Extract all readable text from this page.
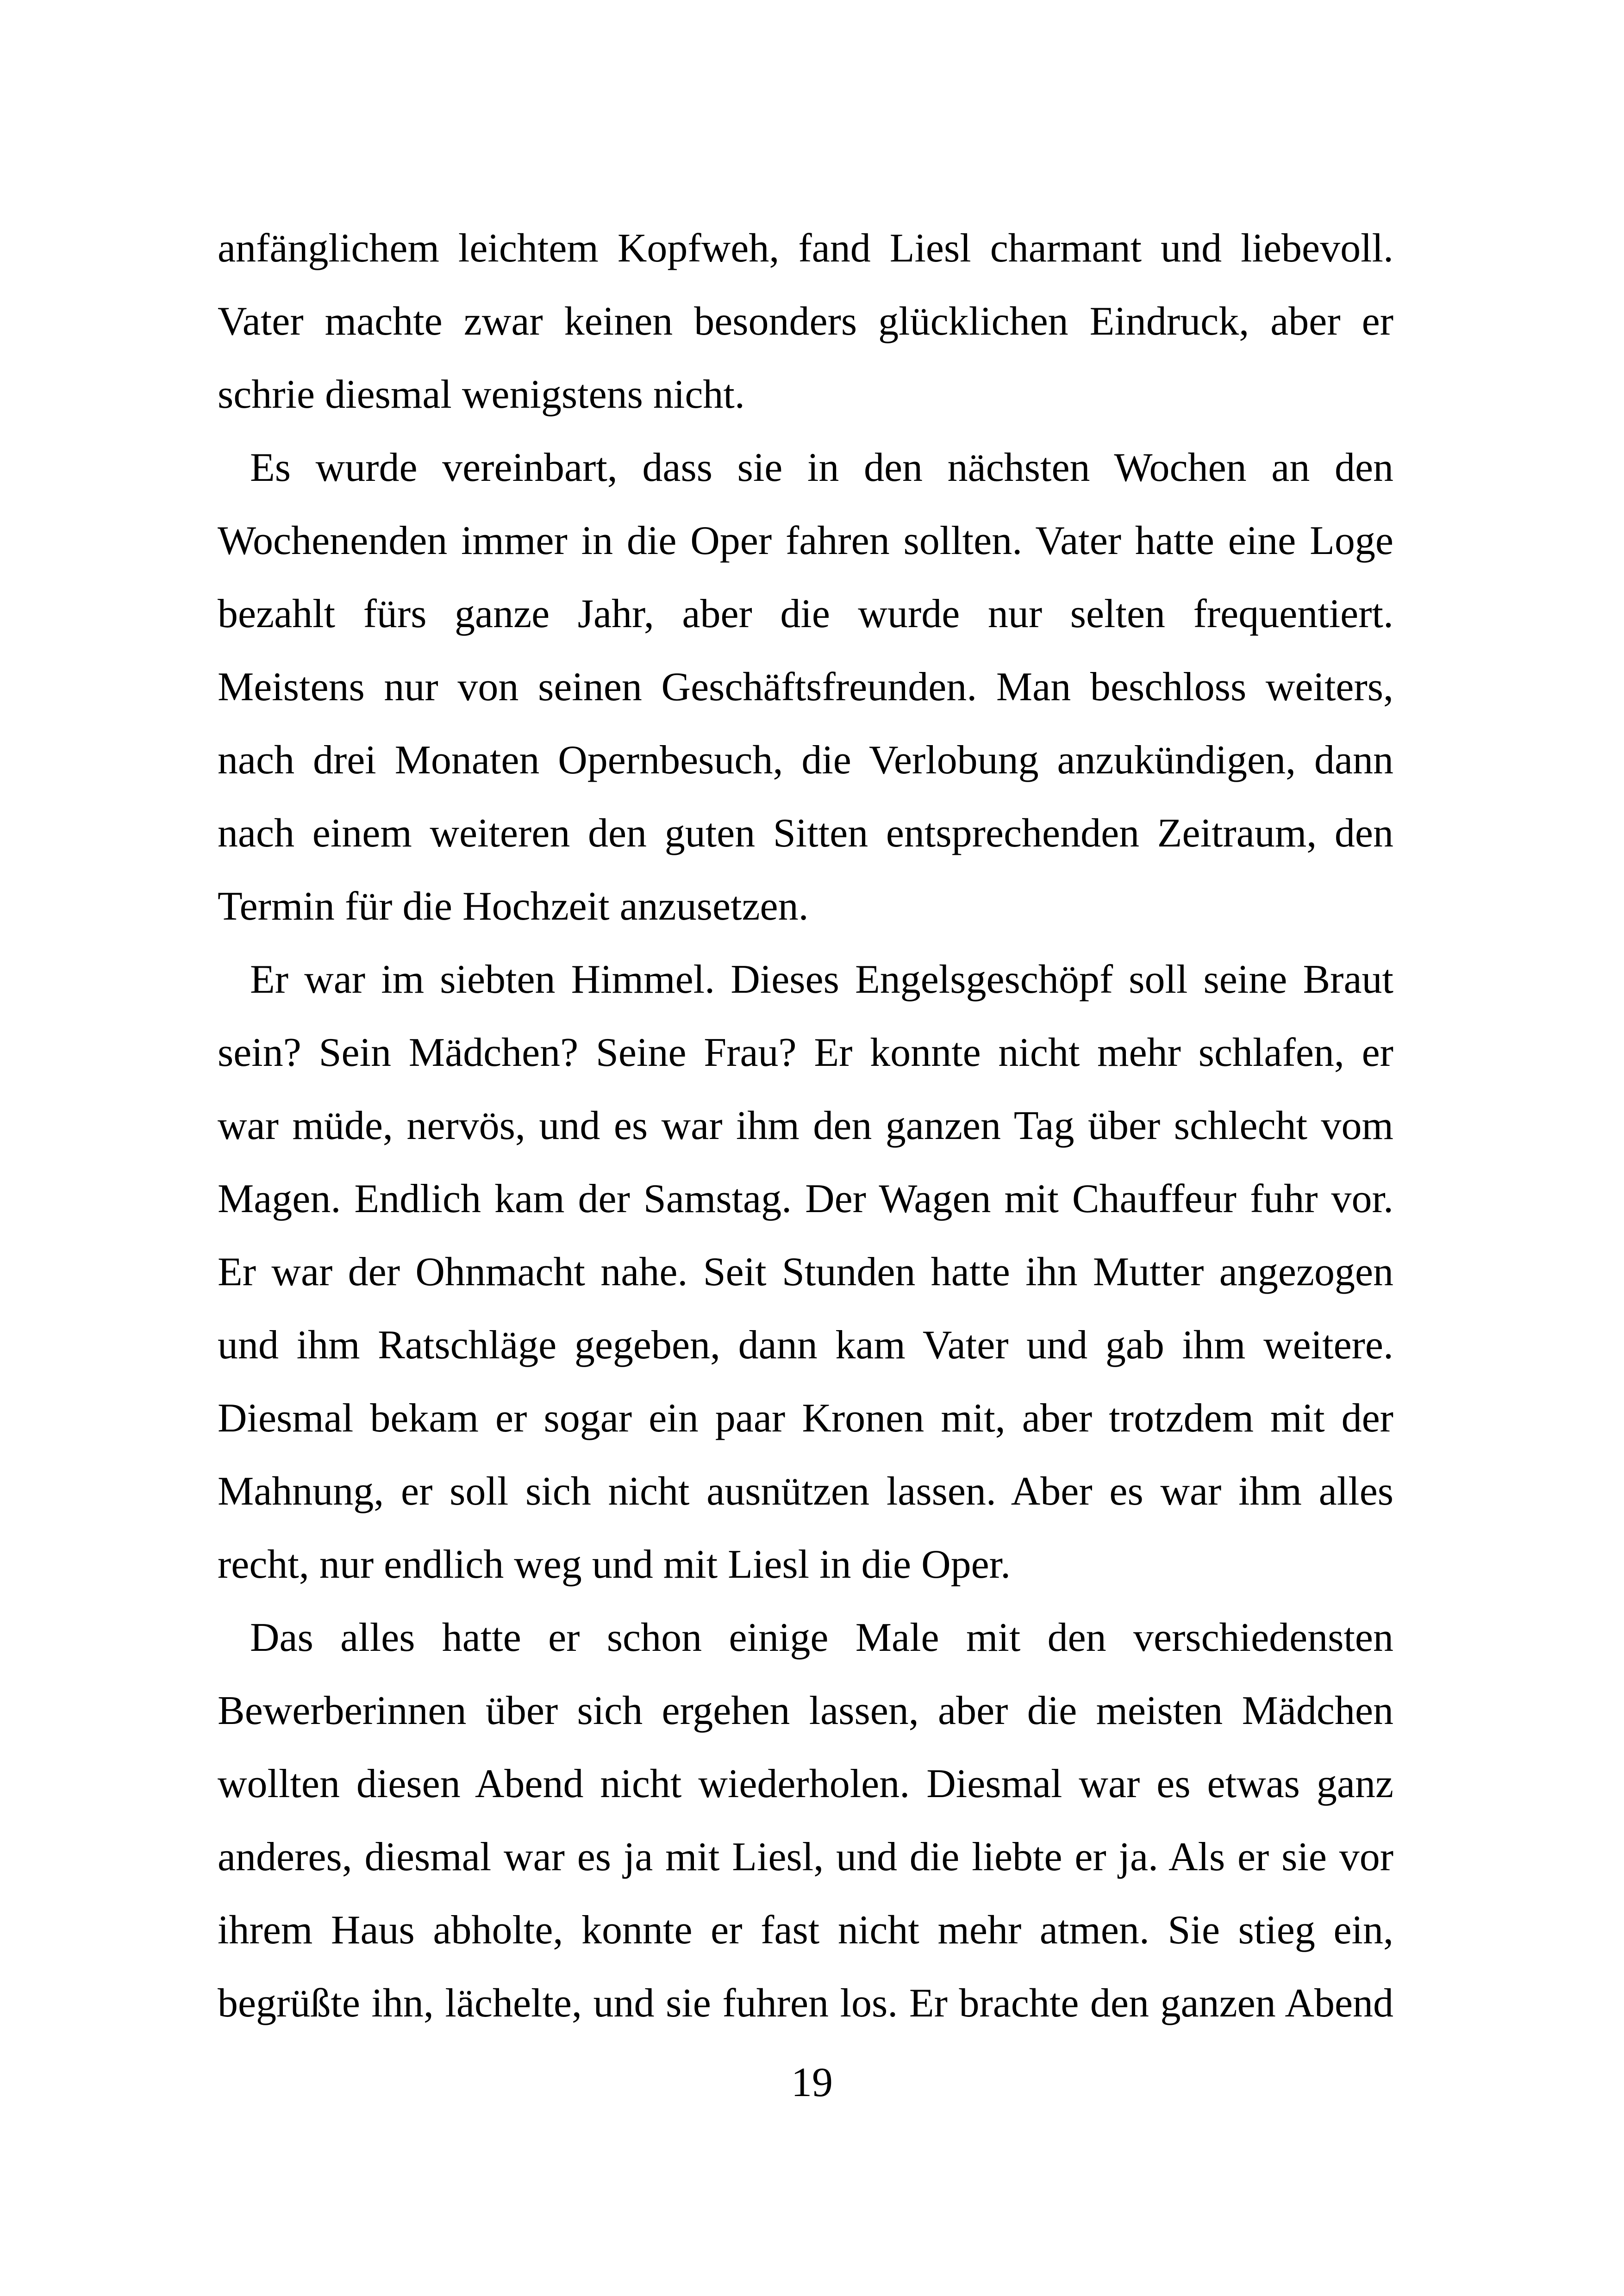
anfänglichem leichtem Kopfweh, fand Liesl charmant und liebevoll.
Vater machte zwar keinen besonders glücklichen Eindruck, aber er
schrie diesmal wenigstens nicht.
Es wurde vereinbart, dass sie in den nächsten Wochen an den
Wochenenden immer in die Oper fahren sollten. Vater hatte eine Loge
bezahlt fürs ganze Jahr, aber die wurde nur selten frequentiert.
Meistens nur von seinen Geschäftsfreunden. Man beschloss weiters,
nach drei Monaten Opernbesuch, die Verlobung anzukündigen, dann
nach einem weiteren den guten Sitten entsprechenden Zeitraum, den
Termin für die Hochzeit anzusetzen.
Er war im siebten Himmel. Dieses Engelsgeschöpf soll seine Braut
sein? Sein Mädchen? Seine Frau? Er konnte nicht mehr schlafen, er
war müde, nervös, und es war ihm den ganzen Tag über schlecht vom
Magen. Endlich kam der Samstag. Der Wagen mit Chauffeur fuhr vor.
Er war der Ohnmacht nahe. Seit Stunden hatte ihn Mutter angezogen
und ihm Ratschläge gegeben, dann kam Vater und gab ihm weitere.
Diesmal bekam er sogar ein paar Kronen mit, aber trotzdem mit der
Mahnung, er soll sich nicht ausnützen lassen. Aber es war ihm alles
recht, nur endlich weg und mit Liesl in die Oper.
Das alles hatte er schon einige Male mit den verschiedensten
Bewerberinnen über sich ergehen lassen, aber die meisten Mädchen
wollten diesen Abend nicht wiederholen. Diesmal war es etwas ganz
anderes, diesmal war es ja mit Liesl, und die liebte er ja. Als er sie vor
ihrem Haus abholte, konnte er fast nicht mehr atmen. Sie stieg ein,
begrüßte ihn, lächelte, und sie fuhren los. Er brachte den ganzen Abend
19
